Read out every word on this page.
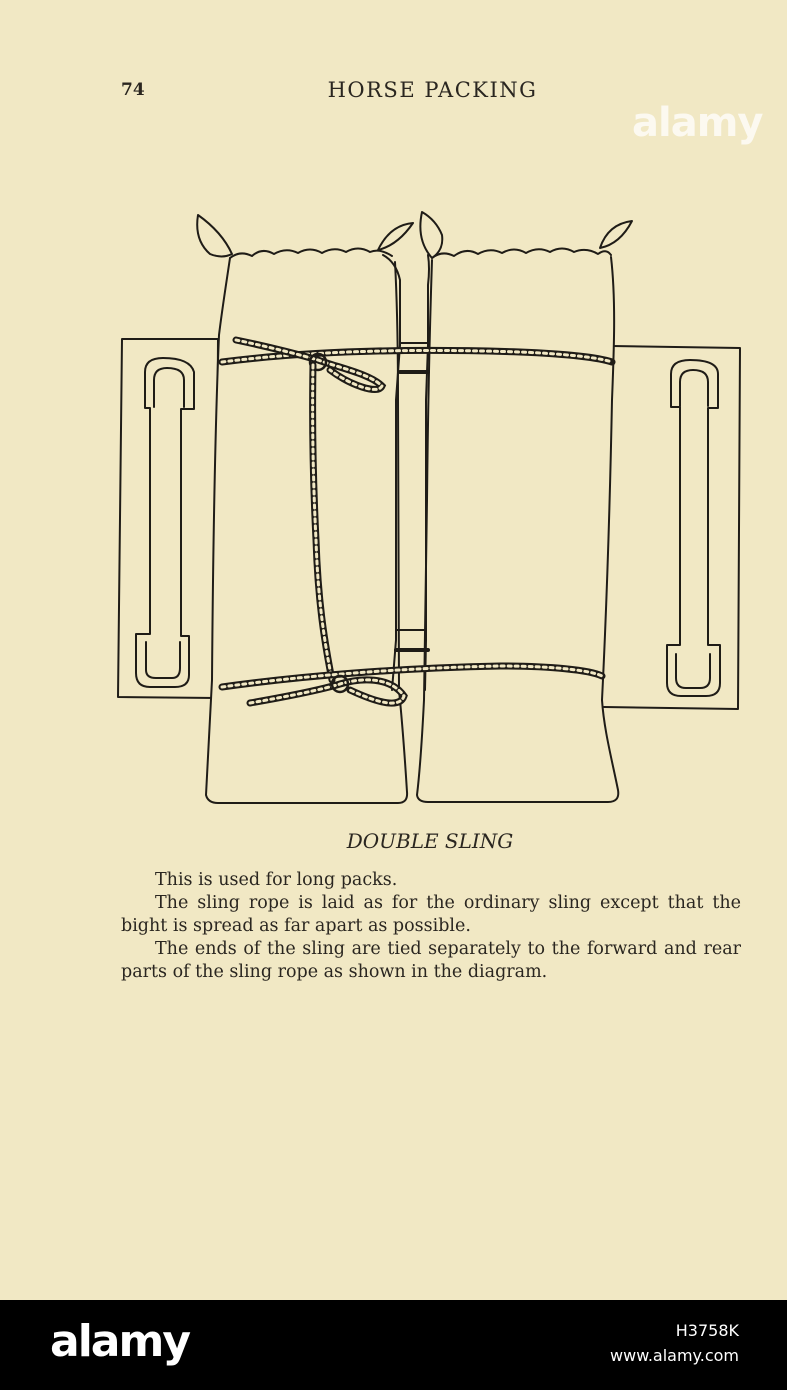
74	HORSE PACKING
alamy
DOUBLE SLING

This is used for long packs.

The sling rope is laid as for the ordinary sling except that the bight is spread as far apart as possible.

The ends of the sling are tied separately to the forward and rear parts of the sling rope as shown in the diagram.

alamy	H3758K
www.alamy.com
